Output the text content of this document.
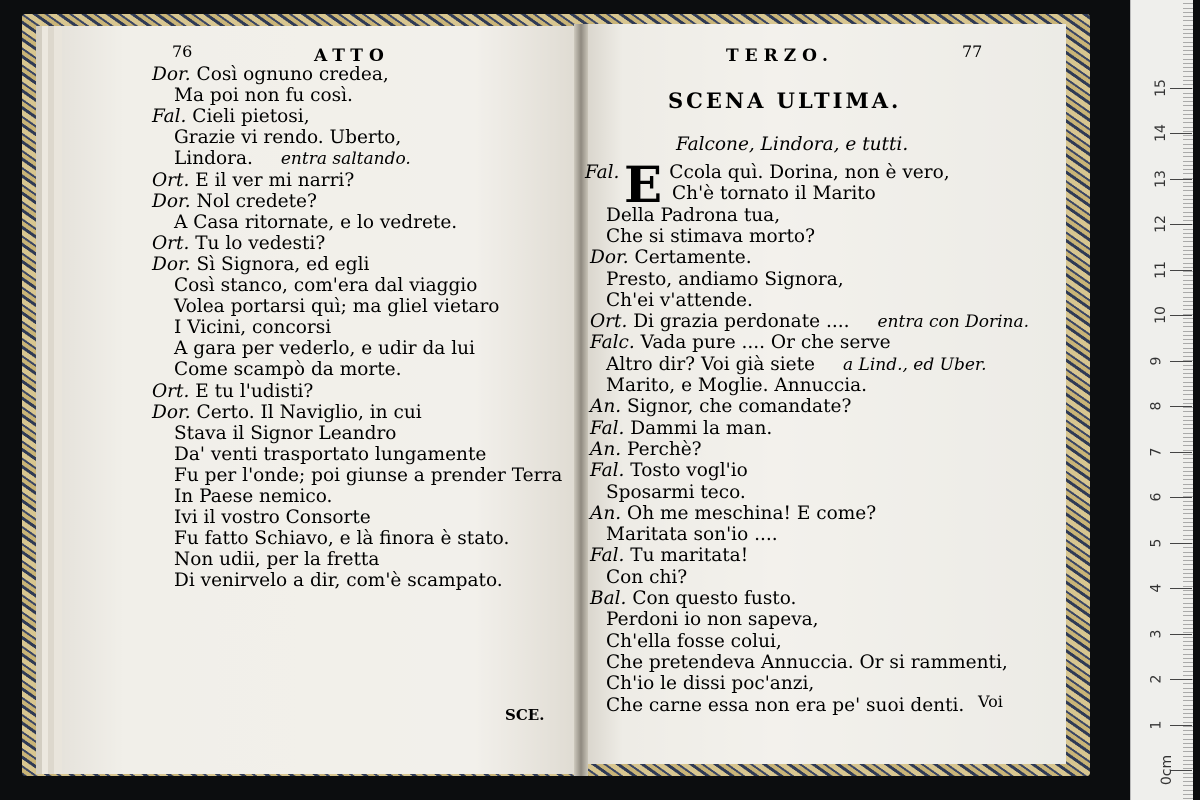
76	ATTO
Dor. Così ognuno credea,
Ma poi non fu così.
Fal. Cieli pietosi,
Grazie vi rendo. Uberto,
Lindora. entra saltando.
Ort. E il ver mi narri?
Dor. Nol credete?
A Casa ritornate, e lo vedrete.
Ort. Tu lo vedesti?
Dor. Sì Signora, ed egli
Così stanco, com'era dal viaggio
Volea portarsi quì; ma gliel vietaro
I Vicini, concorsi
A gara per vederlo, e udir da lui
Come scampò da morte.
Ort. E tu l'udisti?
Dor. Certo. Il Naviglio, in cui
Stava il Signor Leandro
Da' venti trasportato lungamente
Fu per l'onde; poi giunse a prender Terra
In Paese nemico.
Ivi il vostro Consorte
Fu fatto Schiavo, e là finora è stato.
Non udii, per la fretta
Di venirvelo a dir, com'è scampato.
SCE.
TERZO.	77
SCENA ULTIMA.
Falcone, Lindora, e tutti.
E
Fal. Ccola quì. Dorina, non è vero,
Ch'è tornato il Marito
Della Padrona tua,
Che si stimava morto?
Dor. Certamente.
Presto, andiamo Signora,
Ch'ei v'attende.
Ort. Di grazia perdonate .... entra con Dorina.
Falc. Vada pure .... Or che serve
Altro dir? Voi già siete a Lind., ed Uber.
Marito, e Moglie. Annuccia.
An. Signor, che comandate?
Fal. Dammi la man.
An. Perchè?
Fal. Tosto vogl'io
Sposarmi teco.
An. Oh me meschina! E come?
Maritata son'io ....
Fal. Tu maritata!
Con chi?
Bal. Con questo fusto.
Perdoni io non sapeva,
Ch'ella fosse colui,
Che pretendeva Annuccia. Or si rammenti,
Ch'io le dissi poc'anzi,
Che carne essa non era pe' suoi denti. Voi
0cm
1
2
3
4
5
6
7
8
9
10
11
12
13
14
15
